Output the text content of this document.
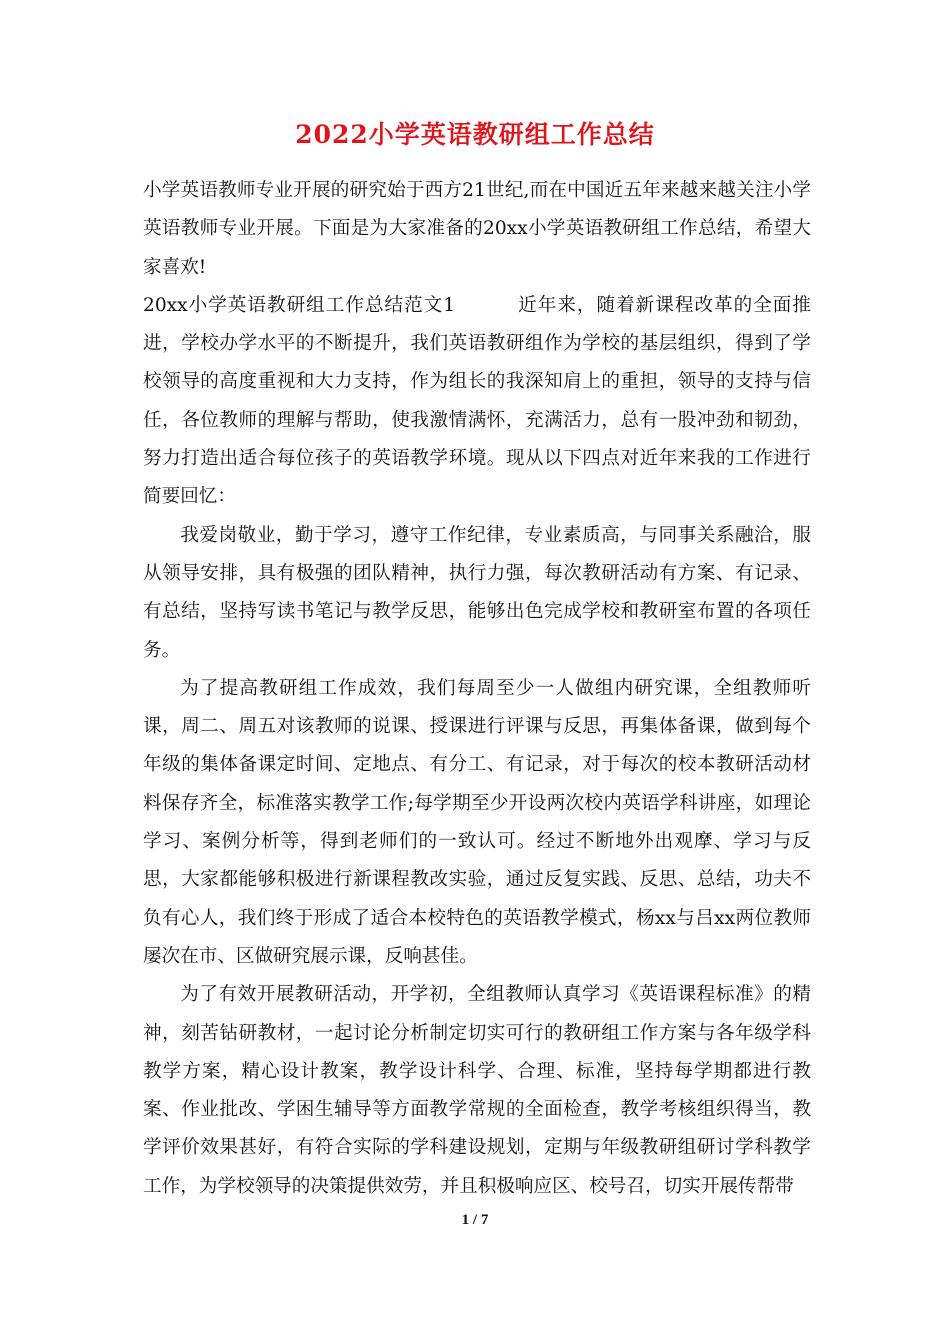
2022小学英语教研组工作总结

小学英语教师专业开展的研究始于西方21世纪,而在中国近五年来越来越关注小学英语教师专业开展。下面是为大家准备的20xx小学英语教研组工作总结，希望大家喜欢!

20xx小学英语教研组工作总结范文1	近年来，随着新课程改革的全面推进，学校办学水平的不断提升，我们英语教研组作为学校的基层组织，得到了学校领导的高度重视和大力支持，作为组长的我深知肩上的重担，领导的支持与信任，各位教师的理解与帮助，使我激情满怀，充满活力，总有一股冲劲和韧劲，努力打造出适合每位孩子的英语教学环境。现从以下四点对近年来我的工作进行简要回忆：

我爱岗敬业，勤于学习，遵守工作纪律，专业素质高，与同事关系融洽，服从领导安排，具有极强的团队精神，执行力强，每次教研活动有方案、有记录、有总结，坚持写读书笔记与教学反思，能够出色完成学校和教研室布置的各项任务。

为了提高教研组工作成效，我们每周至少一人做组内研究课，全组教师听课，周二、周五对该教师的说课、授课进行评课与反思，再集体备课，做到每个年级的集体备课定时间、定地点、有分工、有记录，对于每次的校本教研活动材料保存齐全，标准落实教学工作;每学期至少开设两次校内英语学科讲座，如理论学习、案例分析等，得到老师们的一致认可。经过不断地外出观摩、学习与反思，大家都能够积极进行新课程教改实验，通过反复实践、反思、总结，功夫不负有心人，我们终于形成了适合本校特色的英语教学模式，杨xx与吕xx两位教师屡次在市、区做研究展示课，反响甚佳。

为了有效开展教研活动，开学初，全组教师认真学习《英语课程标准》的精神，刻苦钻研教材，一起讨论分析制定切实可行的教研组工作方案与各年级学科教学方案，精心设计教案，教学设计科学、合理、标准，坚持每学期都进行教案、作业批改、学困生辅导等方面教学常规的全面检查，教学考核组织得当，教学评价效果甚好，有符合实际的学科建设规划，定期与年级教研组研讨学科教学工作，为学校领导的决策提供效劳，并且积极响应区、校号召，切实开展传帮带

1 / 7
